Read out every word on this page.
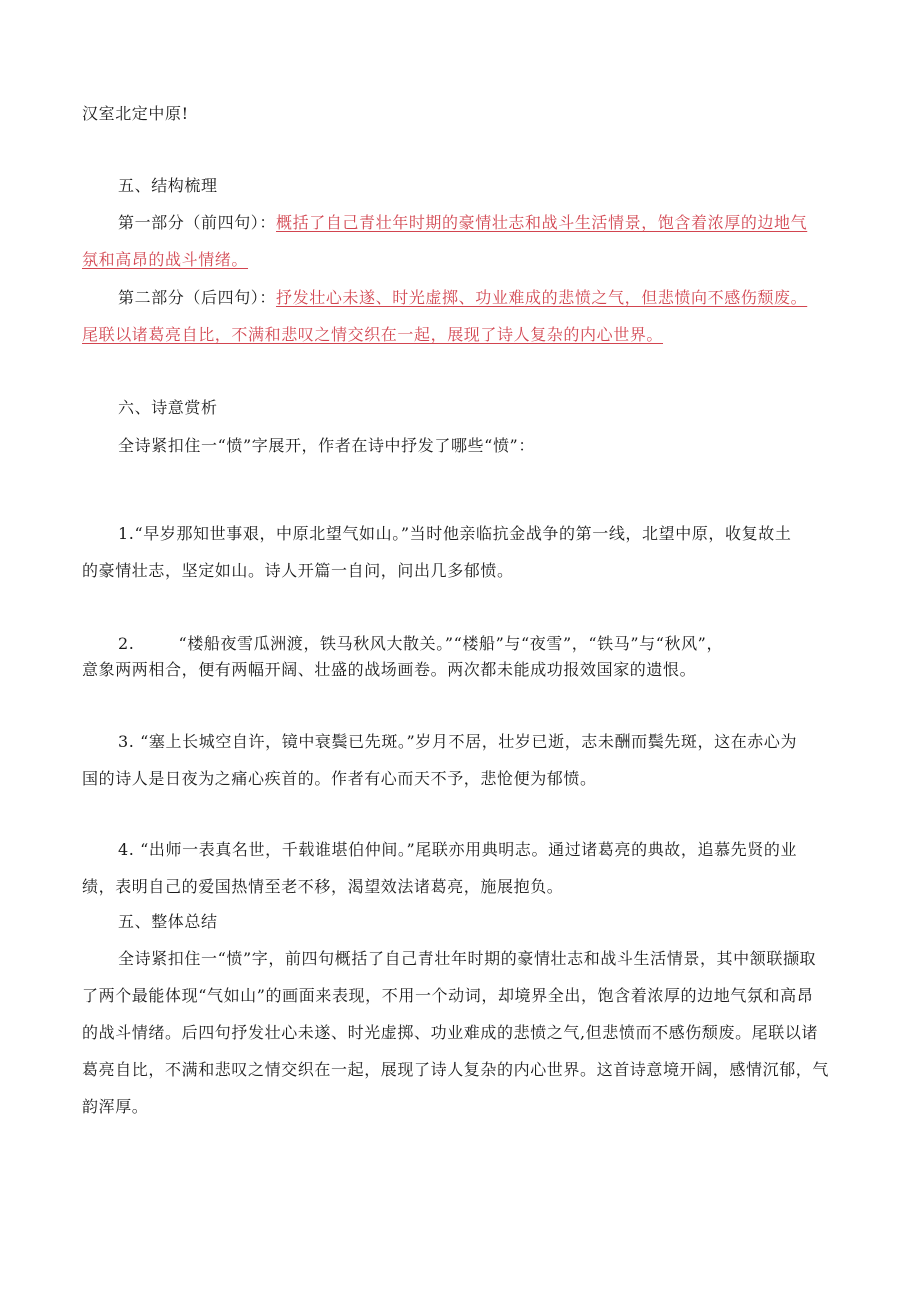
汉室北定中原!
五、结构梳理
第一部分（前四句）：概括了自己青壮年时期的豪情壮志和战斗生活情景，饱含着浓厚的边地气
氛和高昂的战斗情绪。
第二部分（后四句）：抒发壮心未遂、时光虚掷、功业难成的悲愤之气，但悲愤向不感伤颓废。
尾联以诸葛亮自比，不满和悲叹之情交织在一起，展现了诗人复杂的内心世界。
六、诗意赏析
全诗紧扣住一“愤”字展开，作者在诗中抒发了哪些“愤”：
1.“早岁那知世事艰，中原北望气如山。”当时他亲临抗金战争的第一线，北望中原，收复故土
的豪情壮志，坚定如山。诗人开篇一自问，问出几多郁愤。
2.	“楼船夜雪瓜洲渡，铁马秋风大散关。”“楼船”与“夜雪”，“铁马”与“秋风”，
意象两两相合，便有两幅开阔、壮盛的战场画卷。两次都未能成功报效国家的遗恨。
3. “塞上长城空自许，镜中衰鬓已先斑。”岁月不居，壮岁已逝，志未酬而鬓先斑，这在赤心为
国的诗人是日夜为之痛心疾首的。作者有心而天不予，悲怆便为郁愤。
4. “出师一表真名世，千载谁堪伯仲间。”尾联亦用典明志。通过诸葛亮的典故，追慕先贤的业
绩，表明自己的爱国热情至老不移，渴望效法诸葛亮，施展抱负。
五、整体总结
全诗紧扣住一“愤”字，前四句概括了自己青壮年时期的豪情壮志和战斗生活情景，其中颔联撷取
了两个最能体现“气如山”的画面来表现，不用一个动词，却境界全出，饱含着浓厚的边地气氛和高昂
的战斗情绪。后四句抒发壮心未遂、时光虚掷、功业难成的悲愤之气,但悲愤而不感伤颓废。尾联以诸
葛亮自比，不满和悲叹之情交织在一起，展现了诗人复杂的内心世界。这首诗意境开阔，感情沉郁，气
韵浑厚。
